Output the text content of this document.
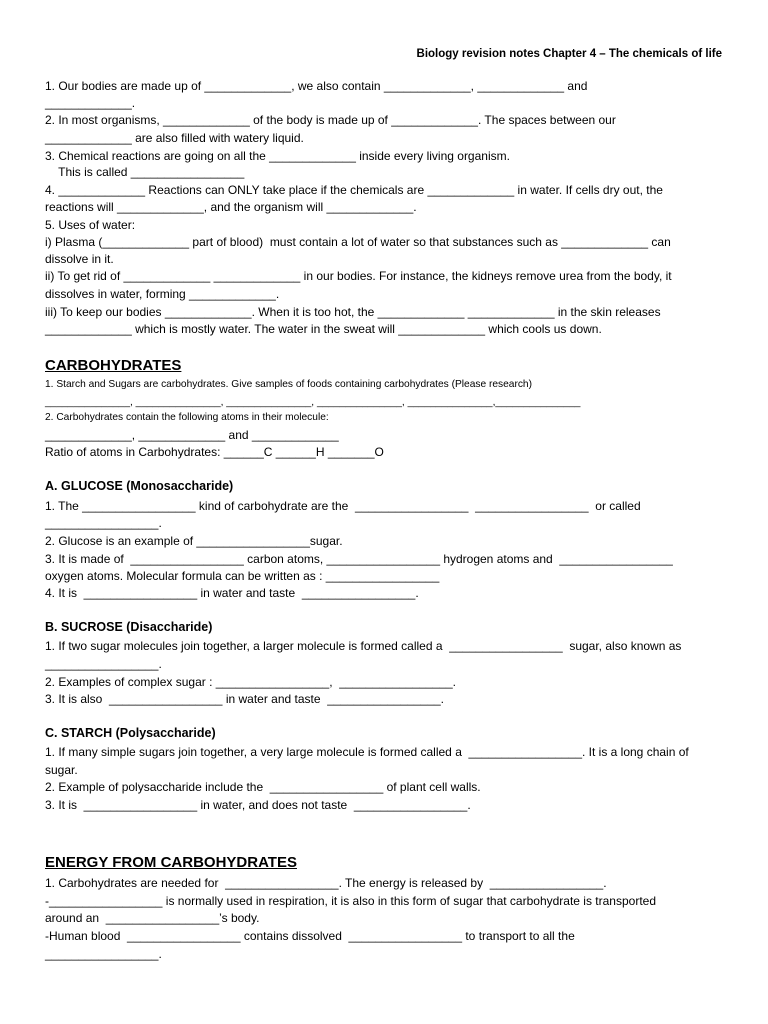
Biology revision notes Chapter 4 – The chemicals of life
1. Our bodies are made up of _____________, we also contain _____________, _____________ and
_____________.
2. In most organisms, _____________ of the body is made up of _____________. The spaces between our
_____________ are also filled with watery liquid.
3. Chemical reactions are going on all the _____________ inside every living organism.
This is called _________________
4. _____________ Reactions can ONLY take place if the chemicals are _____________ in water. If cells dry out, the
reactions will _____________, and the organism will _____________.
5. Uses of water:
i) Plasma (_____________ part of blood)  must contain a lot of water so that substances such as _____________ can
dissolve in it.
ii) To get rid of _____________ _____________ in our bodies. For instance, the kidneys remove urea from the body, it
dissolves in water, forming _____________.
iii) To keep our bodies _____________. When it is too hot, the _____________ _____________ in the skin releases
_____________ which is mostly water. The water in the sweat will _____________ which cools us down.
CARBOHYDRATES
1. Starch and Sugars are carbohydrates. Give samples of foods containing carbohydrates (Please research)
_______________, _______________, _______________, _______________, _______________,_______________
2. Carbohydrates contain the following atoms in their molecule:
_____________, _____________ and _____________
Ratio of atoms in Carbohydrates: ______C ______H _______O
A. GLUCOSE (Monosaccharide)
1. The _________________ kind of carbohydrate are the  _________________  _________________  or called
_________________.
2. Glucose is an example of _________________sugar.
3. It is made of  _________________ carbon atoms, _________________ hydrogen atoms and  _________________
oxygen atoms. Molecular formula can be written as : _________________
4. It is  _________________ in water and taste  _________________.
B. SUCROSE (Disaccharide)
1. If two sugar molecules join together, a larger molecule is formed called a  _________________  sugar, also known as
_________________.
2. Examples of complex sugar : _________________,  _________________.
3. It is also  _________________ in water and taste  _________________.
C. STARCH (Polysaccharide)
1. If many simple sugars join together, a very large molecule is formed called a  _________________. It is a long chain of
sugar.
2. Example of polysaccharide include the  _________________ of plant cell walls.
3. It is  _________________ in water, and does not taste  _________________.
ENERGY FROM CARBOHYDRATES
1. Carbohydrates are needed for  _________________. The energy is released by  _________________.
-_________________ is normally used in respiration, it is also in this form of sugar that carbohydrate is transported
around an  _________________’s body.
-Human blood  _________________ contains dissolved  _________________ to transport to all the
_________________.
